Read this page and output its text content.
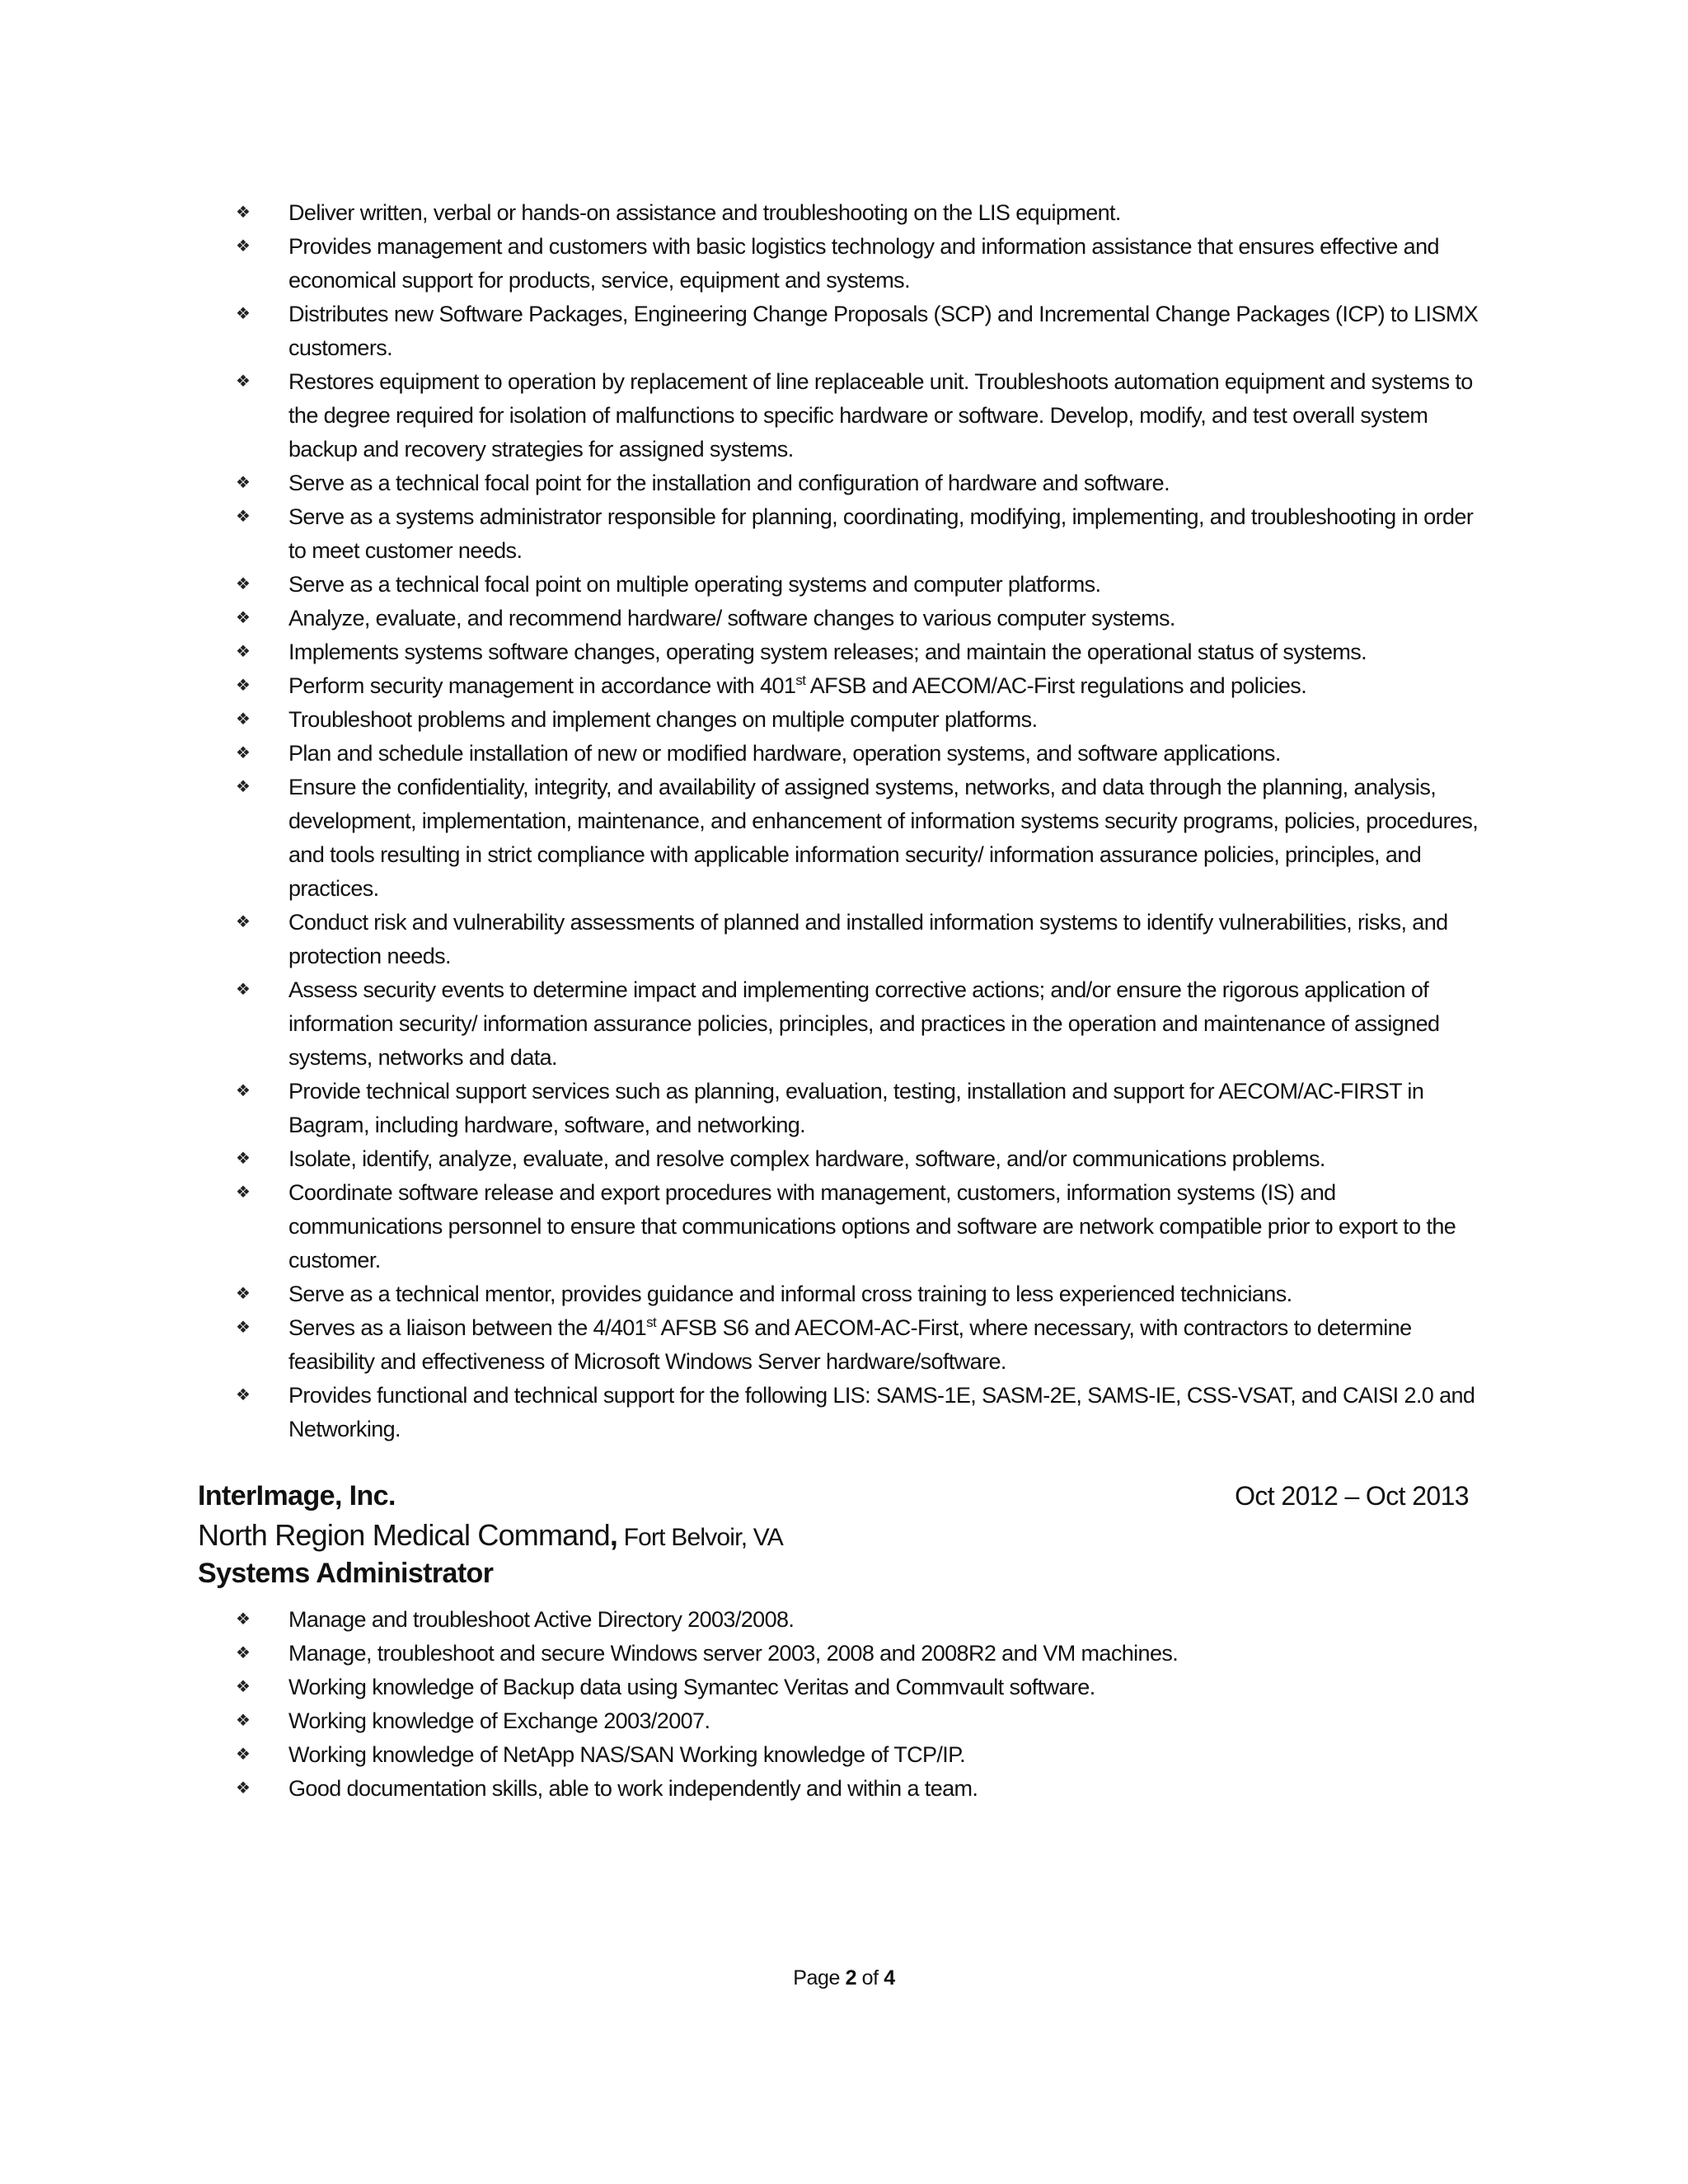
❖ Deliver written, verbal or hands-on assistance and troubleshooting on the LIS equipment.
❖ Provides management and customers with basic logistics technology and information assistance that ensures effective and economical support for products, service, equipment and systems.
❖ Distributes new Software Packages, Engineering Change Proposals (SCP) and Incremental Change Packages (ICP) to LISMX customers.
❖ Restores equipment to operation by replacement of line replaceable unit. Troubleshoots automation equipment and systems to the degree required for isolation of malfunctions to specific hardware or software. Develop, modify, and test overall system backup and recovery strategies for assigned systems.
❖ Serve as a technical focal point for the installation and configuration of hardware and software.
❖ Serve as a systems administrator responsible for planning, coordinating, modifying, implementing, and troubleshooting in order to meet customer needs.
❖ Serve as a technical focal point on multiple operating systems and computer platforms.
❖ Analyze, evaluate, and recommend hardware/ software changes to various computer systems.
❖ Implements systems software changes, operating system releases; and maintain the operational status of systems.
❖ Perform security management in accordance with 401st AFSB and AECOM/AC-First regulations and policies.
❖ Troubleshoot problems and implement changes on multiple computer platforms.
❖ Plan and schedule installation of new or modified hardware, operation systems, and software applications.
❖ Ensure the confidentiality, integrity, and availability of assigned systems, networks, and data through the planning, analysis, development, implementation, maintenance, and enhancement of information systems security programs, policies, procedures, and tools resulting in strict compliance with applicable information security/ information assurance policies, principles, and practices.
❖ Conduct risk and vulnerability assessments of planned and installed information systems to identify vulnerabilities, risks, and protection needs.
❖ Assess security events to determine impact and implementing corrective actions; and/or ensure the rigorous application of information security/ information assurance policies, principles, and practices in the operation and maintenance of assigned systems, networks and data.
❖ Provide technical support services such as planning, evaluation, testing, installation and support for AECOM/AC-FIRST in Bagram, including hardware, software, and networking.
❖ Isolate, identify, analyze, evaluate, and resolve complex hardware, software, and/or communications problems.
❖ Coordinate software release and export procedures with management, customers, information systems (IS) and communications personnel to ensure that communications options and software are network compatible prior to export to the customer.
❖ Serve as a technical mentor, provides guidance and informal cross training to less experienced technicians.
❖ Serves as a liaison between the 4/401st AFSB S6 and AECOM-AC-First, where necessary, with contractors to determine feasibility and effectiveness of Microsoft Windows Server hardware/software.
❖ Provides functional and technical support for the following LIS: SAMS-1E, SASM-2E, SAMS-IE, CSS-VSAT, and CAISI 2.0 and Networking.
InterImage, Inc.	Oct 2012 – Oct 2013
North Region Medical Command, Fort Belvoir, VA
Systems Administrator
❖ Manage and troubleshoot Active Directory 2003/2008.
❖ Manage, troubleshoot and secure Windows server 2003, 2008 and 2008R2 and VM machines.
❖ Working knowledge of Backup data using Symantec Veritas and Commvault software.
❖ Working knowledge of Exchange 2003/2007.
❖ Working knowledge of NetApp NAS/SAN Working knowledge of TCP/IP.
❖ Good documentation skills, able to work independently and within a team.
Page 2 of 4
